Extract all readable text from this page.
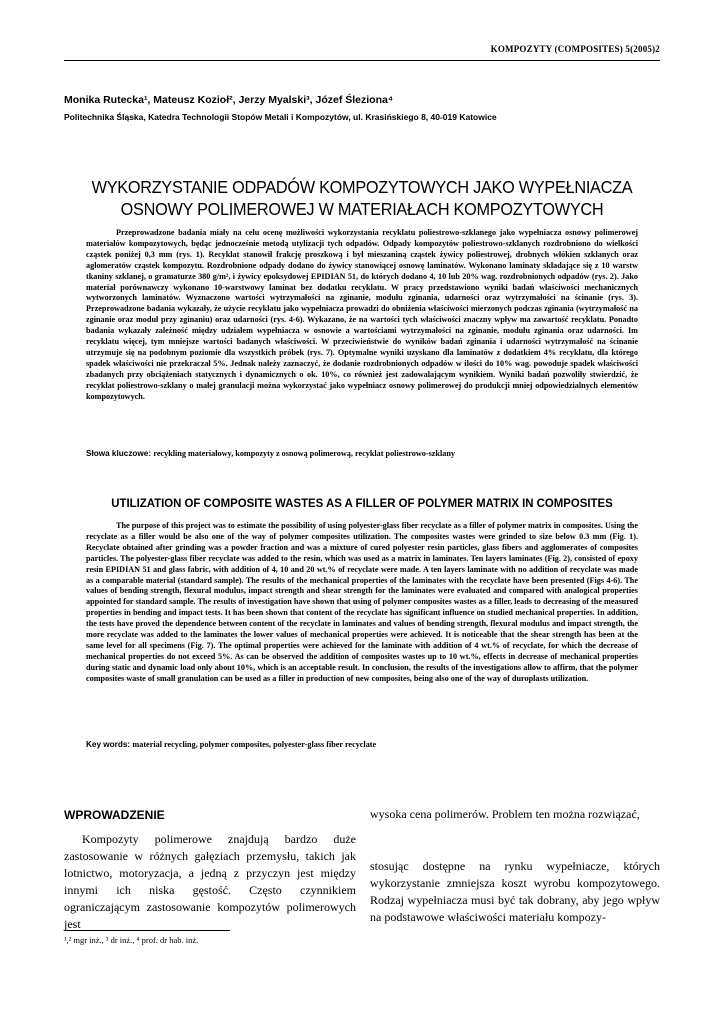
KOMPOZYTY (COMPOSITES) 5(2005)2
Monika Rutecka¹, Mateusz Kozioł², Jerzy Myalski³, Józef Śleziona⁴
Politechnika Śląska, Katedra Technologii Stopów Metali i Kompozytów, ul. Krasińskiego 8, 40-019 Katowice
WYKORZYSTANIE ODPADÓW KOMPOZYTOWYCH JAKO WYPEŁNIACZA
OSNOWY POLIMEROWEJ W MATERIAŁACH KOMPOZYTOWYCH

Przeprowadzone badania miały na celu ocenę możliwości wykorzystania recyklatu poliestrowo-szklanego jako wypełniacza osnowy polimerowej materiałów kompozytowych, będąc jednocześnie metodą utylizacji tych odpadów. Odpady kompozytów poliestrowo-szklanych rozdrobniono do wielkości cząstek poniżej 0,3 mm (rys. 1). Recyklat stanowił frakcję proszkową i był mieszaniną cząstek żywicy poliestrowej, drobnych włókien szklanych oraz aglomeratów cząstek kompozytu. Rozdrobnione odpady dodano do żywicy stanowiącej osnowę laminatów. Wykonano laminaty składające się z 10 warstw tkaniny szklanej, o gramaturze 380 g/m², i żywicy epoksydowej EPIDIAN 51, do których dodano 4, 10 lub 20% wag. rozdrobnionych odpadów (rys. 2). Jako materiał porównawczy wykonano 10-warstwowy laminat bez dodatku recyklatu. W pracy przedstawiono wyniki badań właściwości mechanicznych wytworzonych laminatów. Wyznaczono wartości wytrzymałości na zginanie, modułu zginania, udarności oraz wytrzymałości na ścinanie (rys. 3). Przeprowadzone badania wykazały, że użycie recyklatu jako wypełniacza prowadzi do obniżenia właściwości mierzonych podczas zginania (wytrzymałość na zginanie oraz moduł przy zginaniu) oraz udarności (rys. 4-6). Wykazano, że na wartości tych właściwości znaczny wpływ ma zawartość recyklatu. Ponadto badania wykazały zależność między udziałem wypełniacza w osnowie a wartościami wytrzymałości na zginanie, modułu zginania oraz udarności. Im recyklatu więcej, tym mniejsze wartości badanych właściwości. W przeciwieństwie do wyników badań zginania i udarności wytrzymałość na ścinanie utrzymuje się na podobnym poziomie dla wszystkich próbek (rys. 7). Optymalne wyniki uzyskano dla laminatów z dodatkiem 4% recyklatu, dla którego spadek właściwości nie przekraczał 5%. Jednak należy zaznaczyć, że dodanie rozdrobnionych odpadów w ilości do 10% wag. powoduje spadek właściwości zbadanych przy obciążeniach statycznych i dynamicznych o ok. 10%, co również jest zadowalającym wynikiem. Wyniki badań pozwoliły stwierdzić, że recyklat poliestrowo-szklany o małej granulacji można wykorzystać jako wypełniacz osnowy polimerowej do produkcji mniej odpowiedzialnych elementów kompozytowych.

Słowa kluczowe: recykling materiałowy, kompozyty z osnową polimerową, recyklat poliestrowo-szklany
UTILIZATION OF COMPOSITE WASTES AS A FILLER OF POLYMER MATRIX IN COMPOSITES

The purpose of this project was to estimate the possibility of using polyester-glass fiber recyclate as a filler of polymer matrix in composites. Using the recyclate as a filler would be also one of the way of polymer composites utilization. The composites wastes were grinded to size below 0.3 mm (Fig. 1). Recyclate obtained after grinding was a powder fraction and was a mixture of cured polyester resin particles, glass fibers and agglomerates of composites particles. The polyester-glass fiber recyclate was added to the resin, which was used as a matrix in laminates. Ten layers laminates (Fig. 2), consisted of epoxy resin EPIDIAN 51 and glass fabric, with addition of 4, 10 and 20 wt.% of recyclate were made. A ten layers laminate with no addition of recyclate was made as a comparable material (standard sample). The results of the mechanical properties of the laminates with the recyclate have been presented (Figs 4-6). The values of bending strength, flexural modulus, impact strength and shear strength for the laminates were evaluated and compared with analogical properties appointed for standard sample. The results of investigation have shown that using of polymer composites wastes as a filler, leads to decreasing of the measured properties in bending and impact tests. It has been shown that content of the recyclate has significant influence on studied mechanical properties. In addition, the tests have proved the dependence between content of the recyclate in laminates and values of bending strength, flexural modulus and impact strength, the more recyclate was added to the laminates the lower values of mechanical properties were achieved. It is noticeable that the shear strength has been at the same level for all specimens (Fig. 7). The optimal properties were achieved for the laminate with addition of 4 wt.% of recyclate, for which the decrease of mechanical properties do not exceed 5%. As can be observed the addition of composites wastes up to 10 wt.%, effects in decrease of mechanical properties during static and dynamic load only about 10%, which is an acceptable result. In conclusion, the results of the investigations allow to affirm, that the polymer composites waste of small granulation can be used as a filler in production of new composites, being also one of the way of duroplasts utilization.

Key words: material recycling, polymer composites, polyester-glass fiber recyclate
WPROWADZENIE
Kompozyty polimerowe znajdują bardzo duże zastosowanie w różnych gałęziach przemysłu, takich jak lotnictwo, motoryzacja, a jedną z przyczyn jest między innymi ich niska gęstość. Często czynnikiem ograniczającym zastosowanie kompozytów polimerowych jest
wysoka cena polimerów. Problem ten można rozwiązać,
stosując dostępne na rynku wypełniacze, których wykorzystanie zmniejsza koszt wyrobu kompozytowego. Rodzaj wypełniacza musi być tak dobrany, aby jego wpływ na podstawowe właściwości materiału kompozy-
¹,² mgr inż., ³ dr inż., ⁴ prof. dr hab. inż.
